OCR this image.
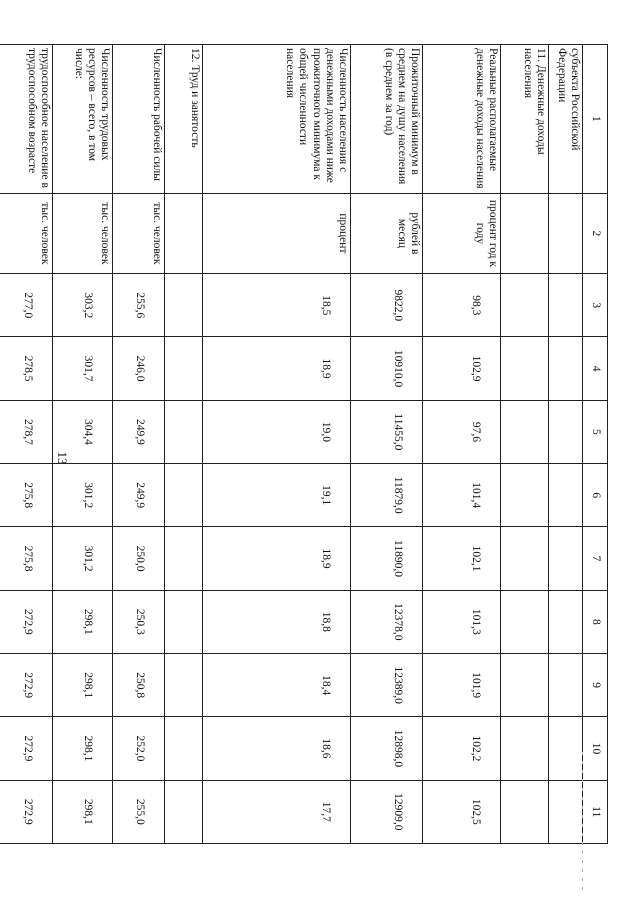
13
1	2	3	4	5	6	7	8	9	10	11
субъекта Российской Федерации										
11. Денежные доходы населения										
Реальные располагаемые денежные доходы населения	процент год к году	98,3	102,9	97,6	101,4	102,1	101,3	101,9	102,2	102,5
Прожиточный минимум в среднем на душу населения (в среднем за год)	рублей в месяц	9822,0	10910,0	11455,0	11879,0	11890,0	12378,0	12389,0	12898,0	12909,0
Численность населения с денежными доходами ниже прожиточного минимума к общей численности населения	процент	18,5	18,9	19,0	19,1	18,9	18,8	18,4	18,6	17,7
12. Труд и занятость										
Численность рабочей силы	тыс. человек	255,6	246,0	249,9	249,9	250,0	250,3	250,8	252,0	255,0
Численность трудовых ресурсов – всего, в том числе:	тыс. человек	303,2	301,7	304,4	301,2	301,2	298,1	298,1	298,1	298,1
трудоспособное население в трудоспособном возрасте	тыс. человек	277,0	278,5	278,7	275,8	275,8	272,9	272,9	272,9	272,9
